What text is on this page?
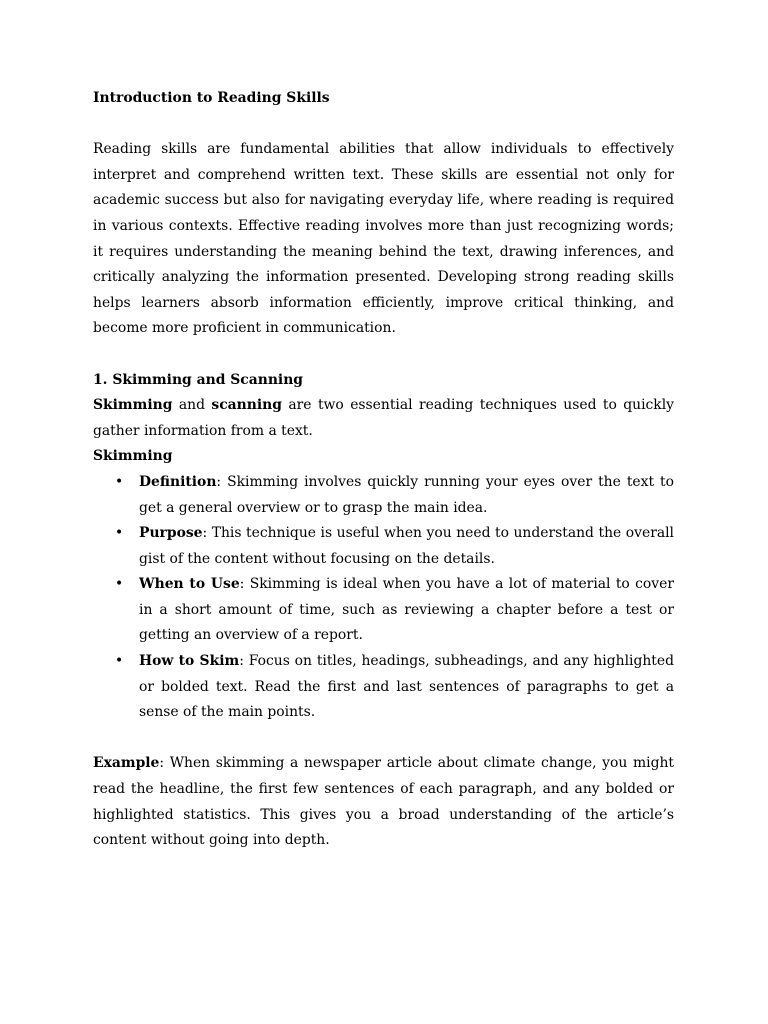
Introduction to Reading Skills

Reading skills are fundamental abilities that allow individuals to effectively interpret and comprehend written text. These skills are essential not only for academic success but also for navigating everyday life, where reading is required in various contexts. Effective reading involves more than just recognizing words; it requires understanding the meaning behind the text, drawing inferences, and critically analyzing the information presented. Developing strong reading skills helps learners absorb information efficiently, improve critical thinking, and become more proficient in communication.

1. Skimming and Scanning

Skimming and scanning are two essential reading techniques used to quickly gather information from a text.

Skimming

• Definition: Skimming involves quickly running your eyes over the text to get a general overview or to grasp the main idea.
• Purpose: This technique is useful when you need to understand the overall gist of the content without focusing on the details.
• When to Use: Skimming is ideal when you have a lot of material to cover in a short amount of time, such as reviewing a chapter before a test or getting an overview of a report.
• How to Skim: Focus on titles, headings, subheadings, and any highlighted or bolded text. Read the first and last sentences of paragraphs to get a sense of the main points.

Example: When skimming a newspaper article about climate change, you might read the headline, the first few sentences of each paragraph, and any bolded or highlighted statistics. This gives you a broad understanding of the article’s content without going into depth.
